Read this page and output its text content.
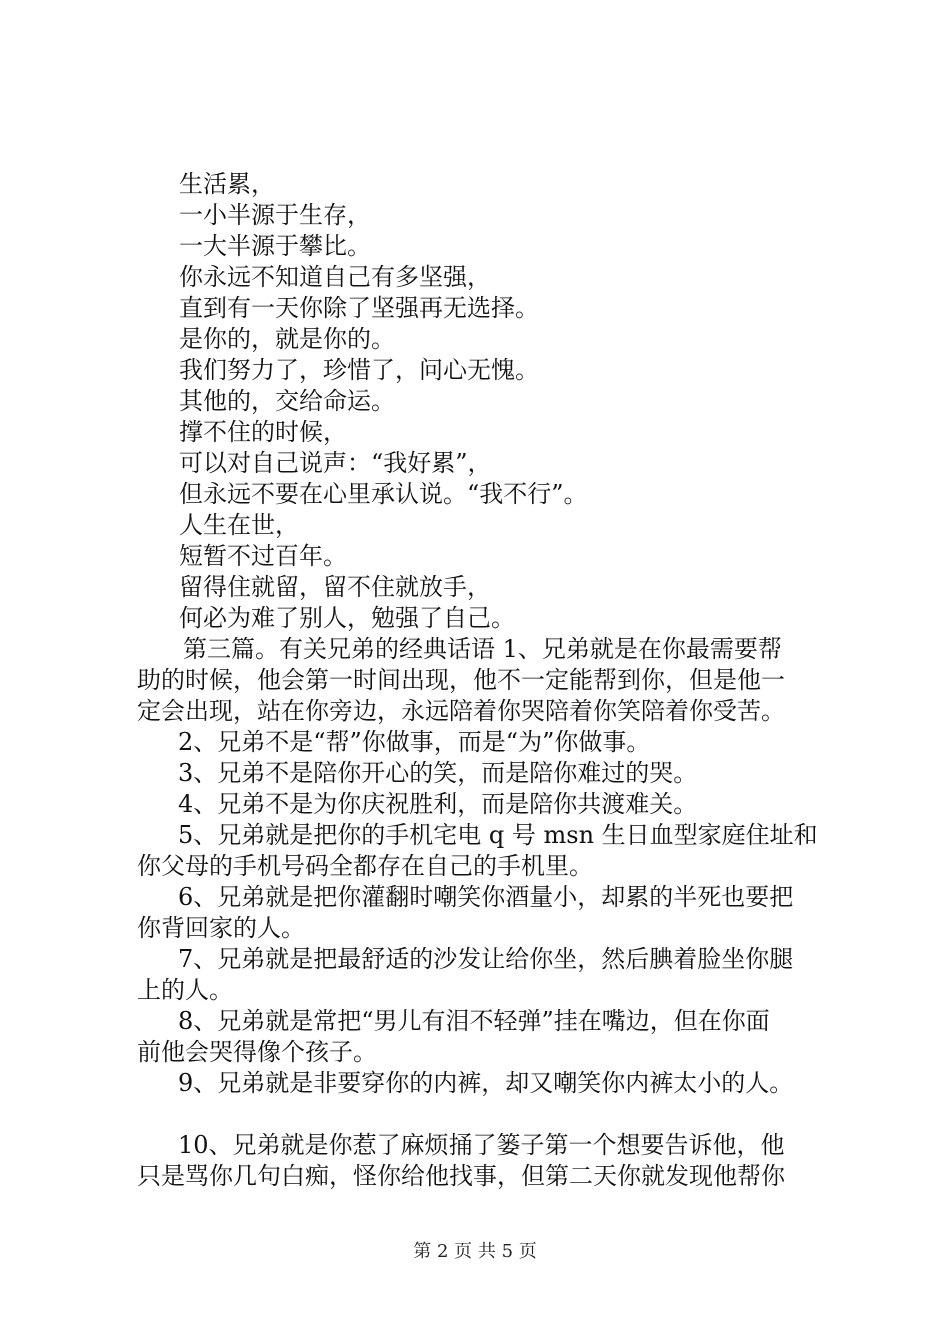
生活累，
一小半源于生存，
一大半源于攀比。
你永远不知道自己有多坚强，
直到有一天你除了坚强再无选择。
是你的，就是你的。
我们努力了，珍惜了，问心无愧。
其他的，交给命运。
撑不住的时候，
可以对自己说声：“我好累”，
但永远不要在心里承认说。“我不行”。
人生在世，
短暂不过百年。
留得住就留，留不住就放手，
何必为难了别人，勉强了自己。
第三篇。有关兄弟的经典话语 1、兄弟就是在你最需要帮
助的时候，他会第一时间出现，他不一定能帮到你，但是他一
定会出现，站在你旁边，永远陪着你哭陪着你笑陪着你受苦。
2、兄弟不是“帮”你做事，而是“为”你做事。
3、兄弟不是陪你开心的笑，而是陪你难过的哭。
4、兄弟不是为你庆祝胜利，而是陪你共渡难关。
5、兄弟就是把你的手机宅电 q 号 msn 生日血型家庭住址和
你父母的手机号码全都存在自己的手机里。
6、兄弟就是把你灌翻时嘲笑你酒量小，却累的半死也要把
你背回家的人。
7、兄弟就是把最舒适的沙发让给你坐，然后腆着脸坐你腿
上的人。
8、兄弟就是常把“男儿有泪不轻弹”挂在嘴边，但在你面
前他会哭得像个孩子。
9、兄弟就是非要穿你的内裤，却又嘲笑你内裤太小的人。
10、兄弟就是你惹了麻烦捅了篓子第一个想要告诉他，他
只是骂你几句白痴，怪你给他找事，但第二天你就发现他帮你
第 2 页 共 5 页
